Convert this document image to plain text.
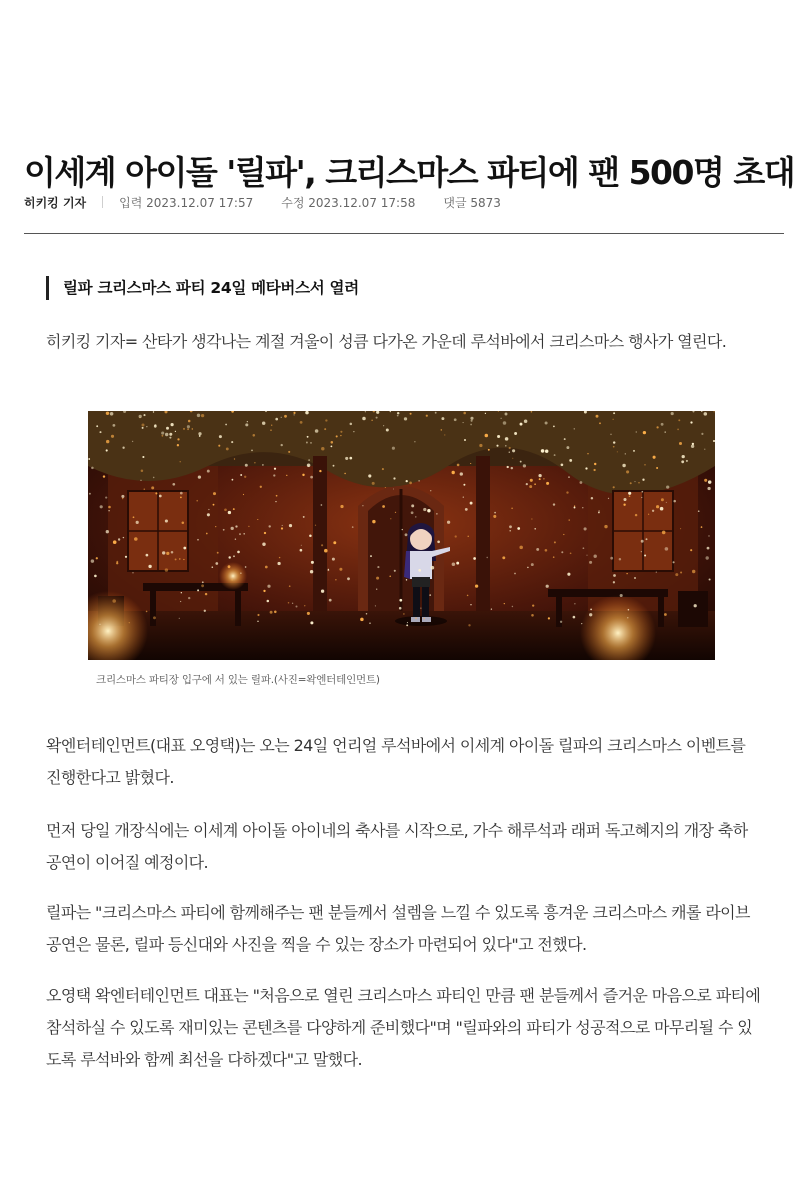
이세계 아이돌 '릴파', 크리스마스 파티에 팬 500명 초대
히키킹 기자	입력 2023.12.07 17:57 수정 2023.12.07 17:58 댓글 5873
릴파 크리스마스 파티 24일 메타버스서 열려

히키킹 기자= 산타가 생각나는 계절 겨울이 성큼 다가온 가운데 루석바에서 크리스마스 행사가 열린다.

크리스마스 파티장 입구에 서 있는 릴파.(사진=왁엔터테인먼트)

왁엔터테인먼트(대표 오영택)는 오는 24일 언리얼 루석바에서 이세계 아이돌 릴파의 크리스마스 이벤트를 진행한다고 밝혔다.

먼저 당일 개장식에는 이세계 아이돌 아이네의 축사를 시작으로, 가수 해루석과 래퍼 독고혜지의 개장 축하공연이 이어질 예정이다.

릴파는 "크리스마스 파티에 함께해주는 팬 분들께서 설렘을 느낄 수 있도록 흥겨운 크리스마스 캐롤 라이브 공연은 물론, 릴파 등신대와 사진을 찍을 수 있는 장소가 마련되어 있다"고 전했다.

오영택 왁엔터테인먼트 대표는 "처음으로 열린 크리스마스 파티인 만큼 팬 분들께서 즐거운 마음으로 파티에 참석하실 수 있도록 재미있는 콘텐츠를 다양하게 준비했다"며 "릴파와의 파티가 성공적으로 마무리될 수 있도록 루석바와 함께 최선을 다하겠다"고 말했다.
